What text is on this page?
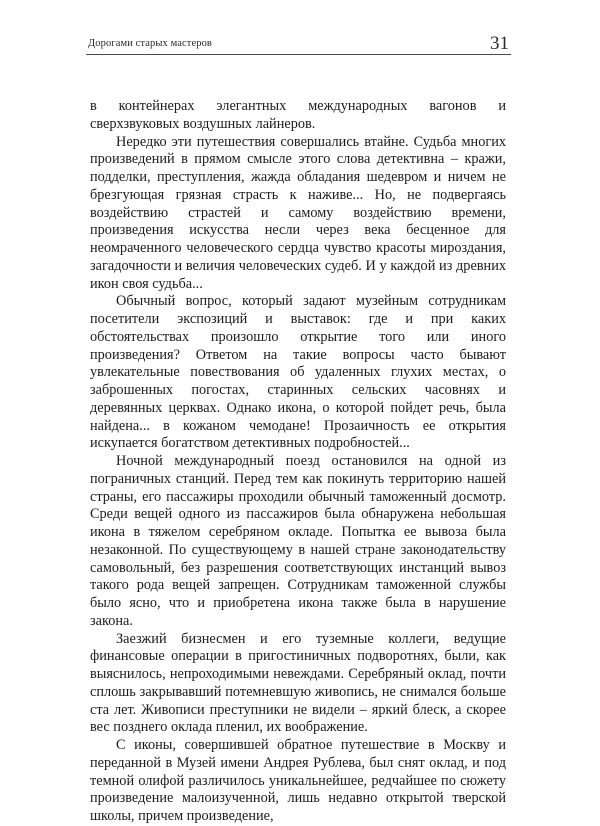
Дорогами старых мастеров	31

в контейнерах элегантных международных вагонов и сверхзвуковых воздушных лайнеров.

Нередко эти путешествия совершались втайне. Судьба многих произведений в прямом смысле этого слова детективна – кражи, подделки, преступления, жажда обладания шедевром и ничем не брезгующая грязная страсть к наживе... Но, не подвергаясь воздействию страстей и самому воздействию времени, произведения искусства несли через века бесценное для неомраченного человеческого сердца чувство красоты мироздания, загадочности и величия человеческих судеб. И у каждой из древних икон своя судьба...

Обычный вопрос, который задают музейным сотрудникам посетители экспозиций и выставок: где и при каких обстоятельствах произошло открытие того или иного произведения? Ответом на такие вопросы часто бывают увлекательные повествования об удаленных глухих местах, о заброшенных погостах, старинных сельских часовнях и деревянных церквах. Однако икона, о которой пойдет речь, была найдена... в кожаном чемодане! Прозаичность ее открытия искупается богатством детективных подробностей...

Ночной международный поезд остановился на одной из пограничных станций. Перед тем как покинуть территорию нашей страны, его пассажиры проходили обычный таможенный досмотр. Среди вещей одного из пассажиров была обнаружена небольшая икона в тяжелом серебряном окладе. Попытка ее вывоза была незаконной. По существующему в нашей стране законодательству самовольный, без разрешения соответствующих инстанций вывоз такого рода вещей запрещен. Сотрудникам таможенной службы было ясно, что и приобретена икона также была в нарушение закона.

Заезжий бизнесмен и его туземные коллеги, ведущие финансовые операции в пригостиничных подворотнях, были, как выяснилось, непроходимыми невеждами. Серебряный оклад, почти сплошь закрывавший потемневшую живопись, не снимался больше ста лет. Живописи преступники не видели – яркий блеск, а скорее вес позднего оклада пленил, их воображение.

С иконы, совершившей обратное путешествие в Москву и переданной в Музей имени Андрея Рублева, был снят оклад, и под темной олифой различилось уникальнейшее, редчайшее по сюжету произведение малоизученной, лишь недавно открытой тверской школы, причем произведение,
